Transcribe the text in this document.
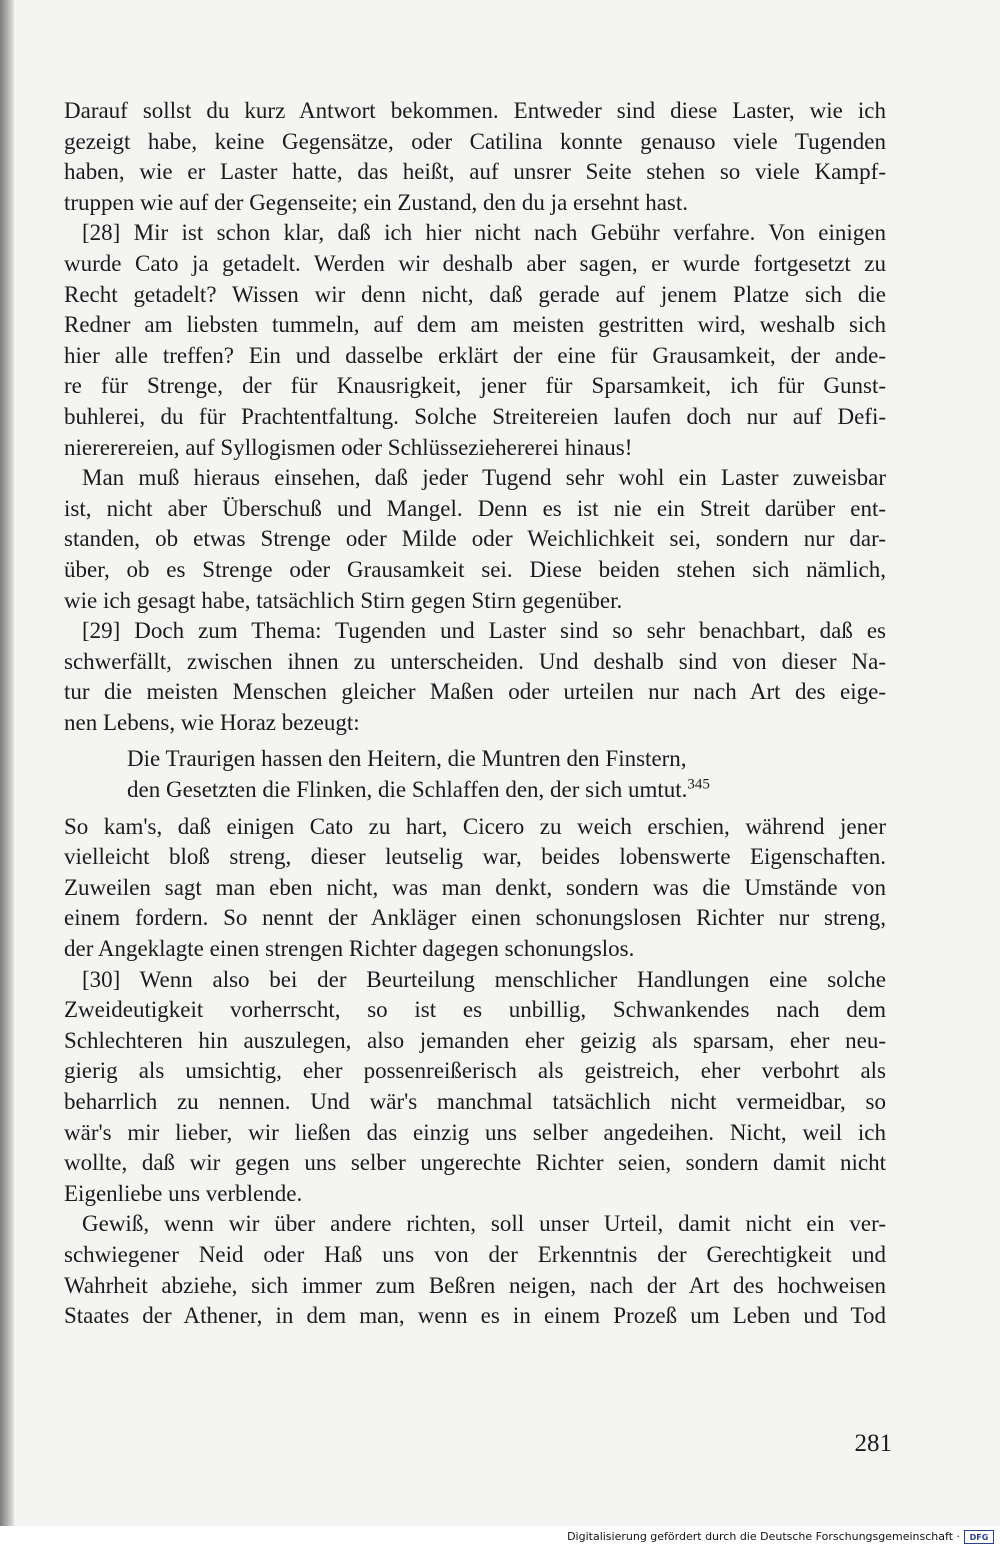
Darauf sollst du kurz Antwort bekommen. Entweder sind diese Laster, wie ich
gezeigt habe, keine Gegensätze, oder Catilina konnte genauso viele Tugenden
haben, wie er Laster hatte, das heißt, auf unsrer Seite stehen so viele Kampf-
truppen wie auf der Gegenseite; ein Zustand, den du ja ersehnt hast.
[28] Mir ist schon klar, daß ich hier nicht nach Gebühr verfahre. Von einigen
wurde Cato ja getadelt. Werden wir deshalb aber sagen, er wurde fortgesetzt zu
Recht getadelt? Wissen wir denn nicht, daß gerade auf jenem Platze sich die
Redner am liebsten tummeln, auf dem am meisten gestritten wird, weshalb sich
hier alle treffen? Ein und dasselbe erklärt der eine für Grausamkeit, der ande-
re für Strenge, der für Knausrigkeit, jener für Sparsamkeit, ich für Gunst-
buhlerei, du für Prachtentfaltung. Solche Streitereien laufen doch nur auf Defi-
niererereien, auf Syllogismen oder Schlüsseziehererei hinaus!
Man muß hieraus einsehen, daß jeder Tugend sehr wohl ein Laster zuweisbar
ist, nicht aber Überschuß und Mangel. Denn es ist nie ein Streit darüber ent-
standen, ob etwas Strenge oder Milde oder Weichlichkeit sei, sondern nur dar-
über, ob es Strenge oder Grausamkeit sei. Diese beiden stehen sich nämlich,
wie ich gesagt habe, tatsächlich Stirn gegen Stirn gegenüber.
[29] Doch zum Thema: Tugenden und Laster sind so sehr benachbart, daß es
schwerfällt, zwischen ihnen zu unterscheiden. Und deshalb sind von dieser Na-
tur die meisten Menschen gleicher Maßen oder urteilen nur nach Art des eige-
nen Lebens, wie Horaz bezeugt:
Die Traurigen hassen den Heitern, die Muntren den Finstern,
den Gesetzten die Flinken, die Schlaffen den, der sich umtut.$^{345}$
So kam's, daß einigen Cato zu hart, Cicero zu weich erschien, während jener
vielleicht bloß streng, dieser leutselig war, beides lobenswerte Eigenschaften.
Zuweilen sagt man eben nicht, was man denkt, sondern was die Umstände von
einem fordern. So nennt der Ankläger einen schonungslosen Richter nur streng,
der Angeklagte einen strengen Richter dagegen schonungslos.
[30] Wenn also bei der Beurteilung menschlicher Handlungen eine solche
Zweideutigkeit vorherrscht, so ist es unbillig, Schwankendes nach dem
Schlechteren hin auszulegen, also jemanden eher geizig als sparsam, eher neu-
gierig als umsichtig, eher possenreißerisch als geistreich, eher verbohrt als
beharrlich zu nennen. Und wär's manchmal tatsächlich nicht vermeidbar, so
wär's mir lieber, wir ließen das einzig uns selber angedeihen. Nicht, weil ich
wollte, daß wir gegen uns selber ungerechte Richter seien, sondern damit nicht
Eigenliebe uns verblende.
Gewiß, wenn wir über andere richten, soll unser Urteil, damit nicht ein ver-
schwiegener Neid oder Haß uns von der Erkenntnis der Gerechtigkeit und
Wahrheit abziehe, sich immer zum Beßren neigen, nach der Art des hochweisen
Staates der Athener, in dem man, wenn es in einem Prozeß um Leben und Tod
281
Digitalisierung gefördert durch die Deutsche Forschungsgemeinschaft ·	DFG
